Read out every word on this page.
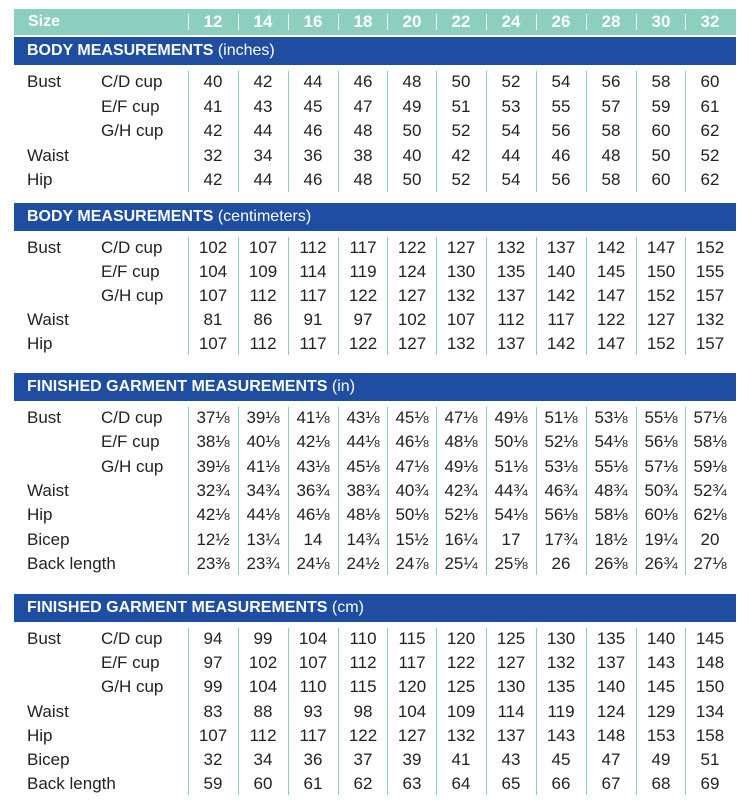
Size	12	14	16	18	20	22	24	26	28	30	32
BODY MEASUREMENTS (inches)
Bust C/D cup	40	42	44	46	48	50	52	54	56	58	60
E/F cup	41	43	45	47	49	51	53	55	57	59	61
G/H cup	42	44	46	48	50	52	54	56	58	60	62
Waist	32	34	36	38	40	42	44	46	48	50	52
Hip	42	44	46	48	50	52	54	56	58	60	62
BODY MEASUREMENTS (centimeters)
Bust C/D cup	102	107	112	117	122	127	132	137	142	147	152
E/F cup	104	109	114	119	124	130	135	140	145	150	155
G/H cup	107	112	117	122	127	132	137	142	147	152	157
Waist	81	86	91	97	102	107	112	117	122	127	132
Hip	107	112	117	122	127	132	137	142	147	152	157
FINISHED GARMENT MEASUREMENTS (in)
Bust C/D cup	37⅛ 39⅛ 41⅛ 43⅛ 45⅛ 47⅛ 49⅛ 51⅛ 53⅛ 55⅛ 57⅛
E/F cup	38⅛ 40⅛ 42⅛ 44⅛ 46⅛ 48⅛ 50⅛ 52⅛ 54⅛ 56⅛ 58⅛
G/H cup	39⅛ 41⅛ 43⅛ 45⅛ 47⅛ 49⅛ 51⅛ 53⅛ 55⅛ 57⅛ 59⅛
Waist	32¾ 34¾ 36¾ 38¾ 40¾ 42¾ 44¾ 46¾ 48¾ 50¾ 52¾
Hip	42⅛ 44⅛ 46⅛ 48⅛ 50⅛ 52⅛ 54⅛ 56⅛ 58⅛ 60⅛ 62⅛
Bicep	12½ 13¼	14	14¾ 15½ 16¼	17	17¾ 18½ 19¼	20
Back length	23⅜ 23¾ 24⅛ 24½ 24⅞ 25¼ 25⅝	26	26⅜ 26¾ 27⅛
FINISHED GARMENT MEASUREMENTS (cm)
Bust C/D cup	94	99	104	110	115	120	125	130	135	140	145
E/F cup	97	102	107	112	117	122	127	132	137	143	148
G/H cup	99	104	110	115	120	125	130	135	140	145	150
Waist	83	88	93	98	104	109	114	119	124	129	134
Hip	107	112	117	122	127	132	137	143	148	153	158
Bicep	32	34	36	37	39	41	43	45	47	49	51
Back length	59	60	61	62	63	64	65	66	67	68	69
